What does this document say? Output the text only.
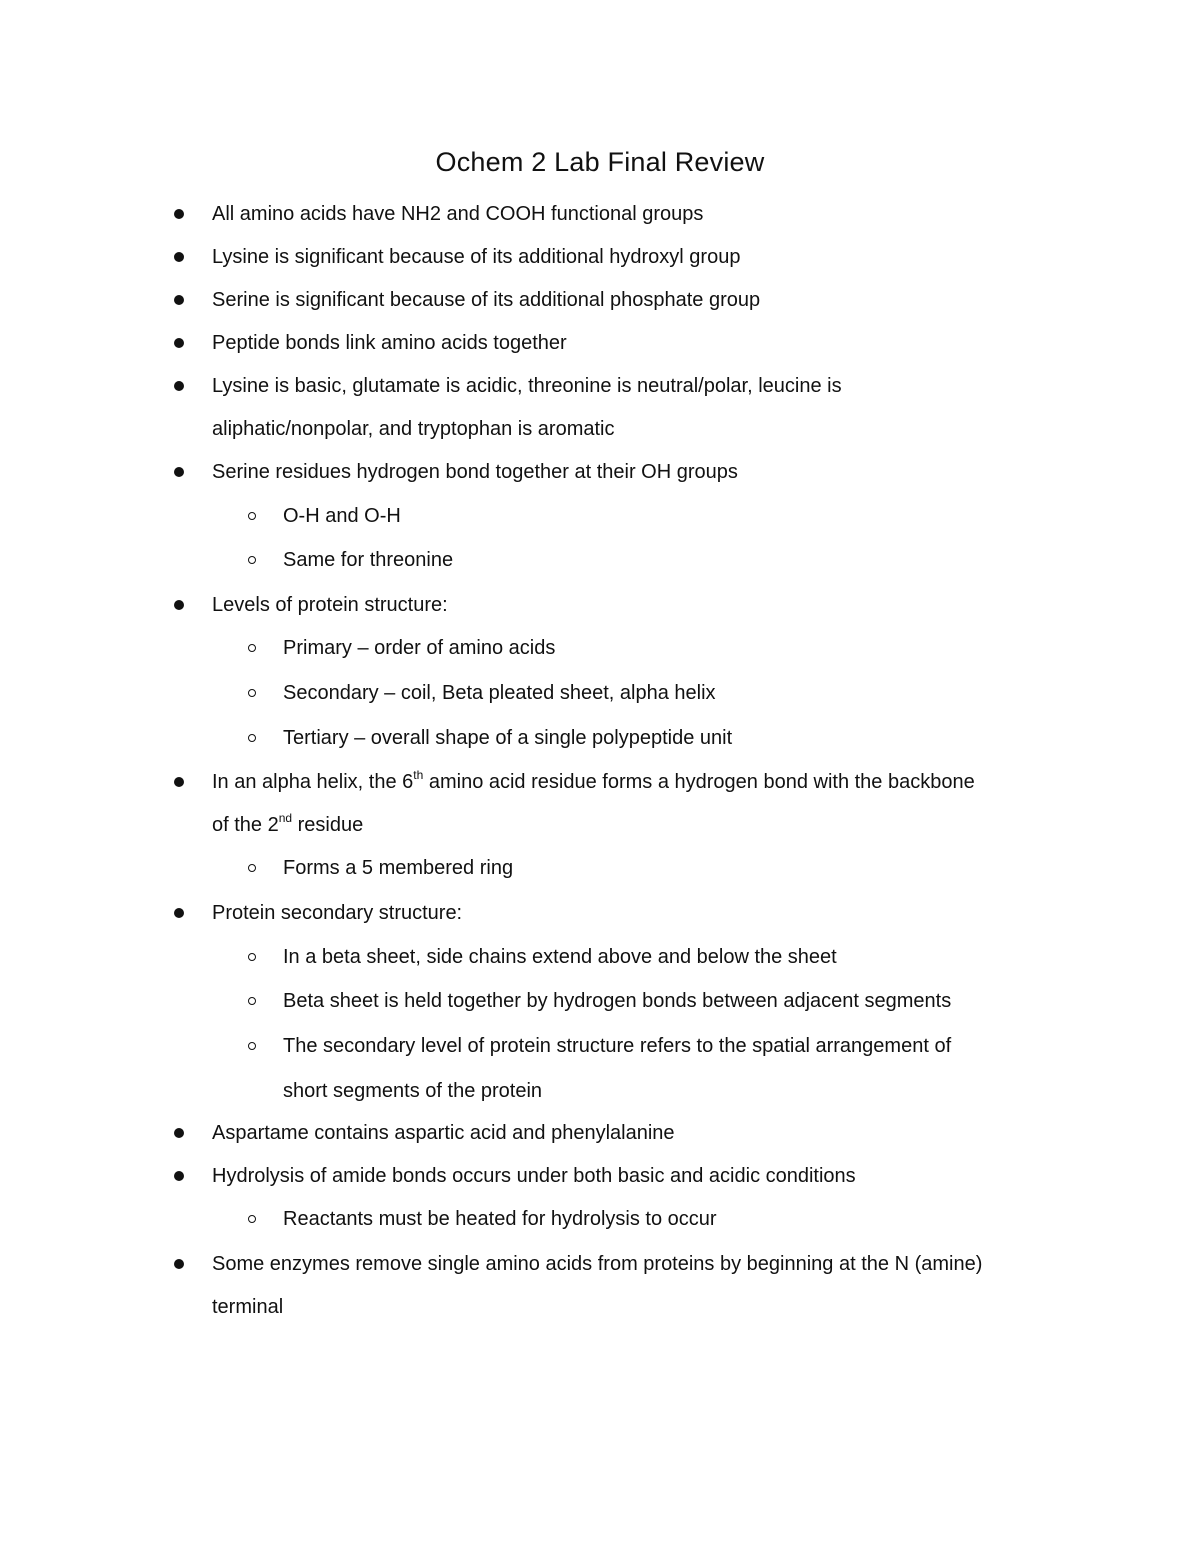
Ochem 2 Lab Final Review
All amino acids have NH2 and COOH functional groups
Lysine is significant because of its additional hydroxyl group
Serine is significant because of its additional phosphate group
Peptide bonds link amino acids together
Lysine is basic, glutamate is acidic, threonine is neutral/polar, leucine is
aliphatic/nonpolar, and tryptophan is aromatic
Serine residues hydrogen bond together at their OH groups
O-H and O-H
Same for threonine
Levels of protein structure:
Primary – order of amino acids
Secondary – coil, Beta pleated sheet, alpha helix
Tertiary – overall shape of a single polypeptide unit
In an alpha helix, the 6th amino acid residue forms a hydrogen bond with the backbone
of the 2nd residue
Forms a 5 membered ring
Protein secondary structure:
In a beta sheet, side chains extend above and below the sheet
Beta sheet is held together by hydrogen bonds between adjacent segments
The secondary level of protein structure refers to the spatial arrangement of
short segments of the protein
Aspartame contains aspartic acid and phenylalanine
Hydrolysis of amide bonds occurs under both basic and acidic conditions
Reactants must be heated for hydrolysis to occur
Some enzymes remove single amino acids from proteins by beginning at the N (amine)
terminal
